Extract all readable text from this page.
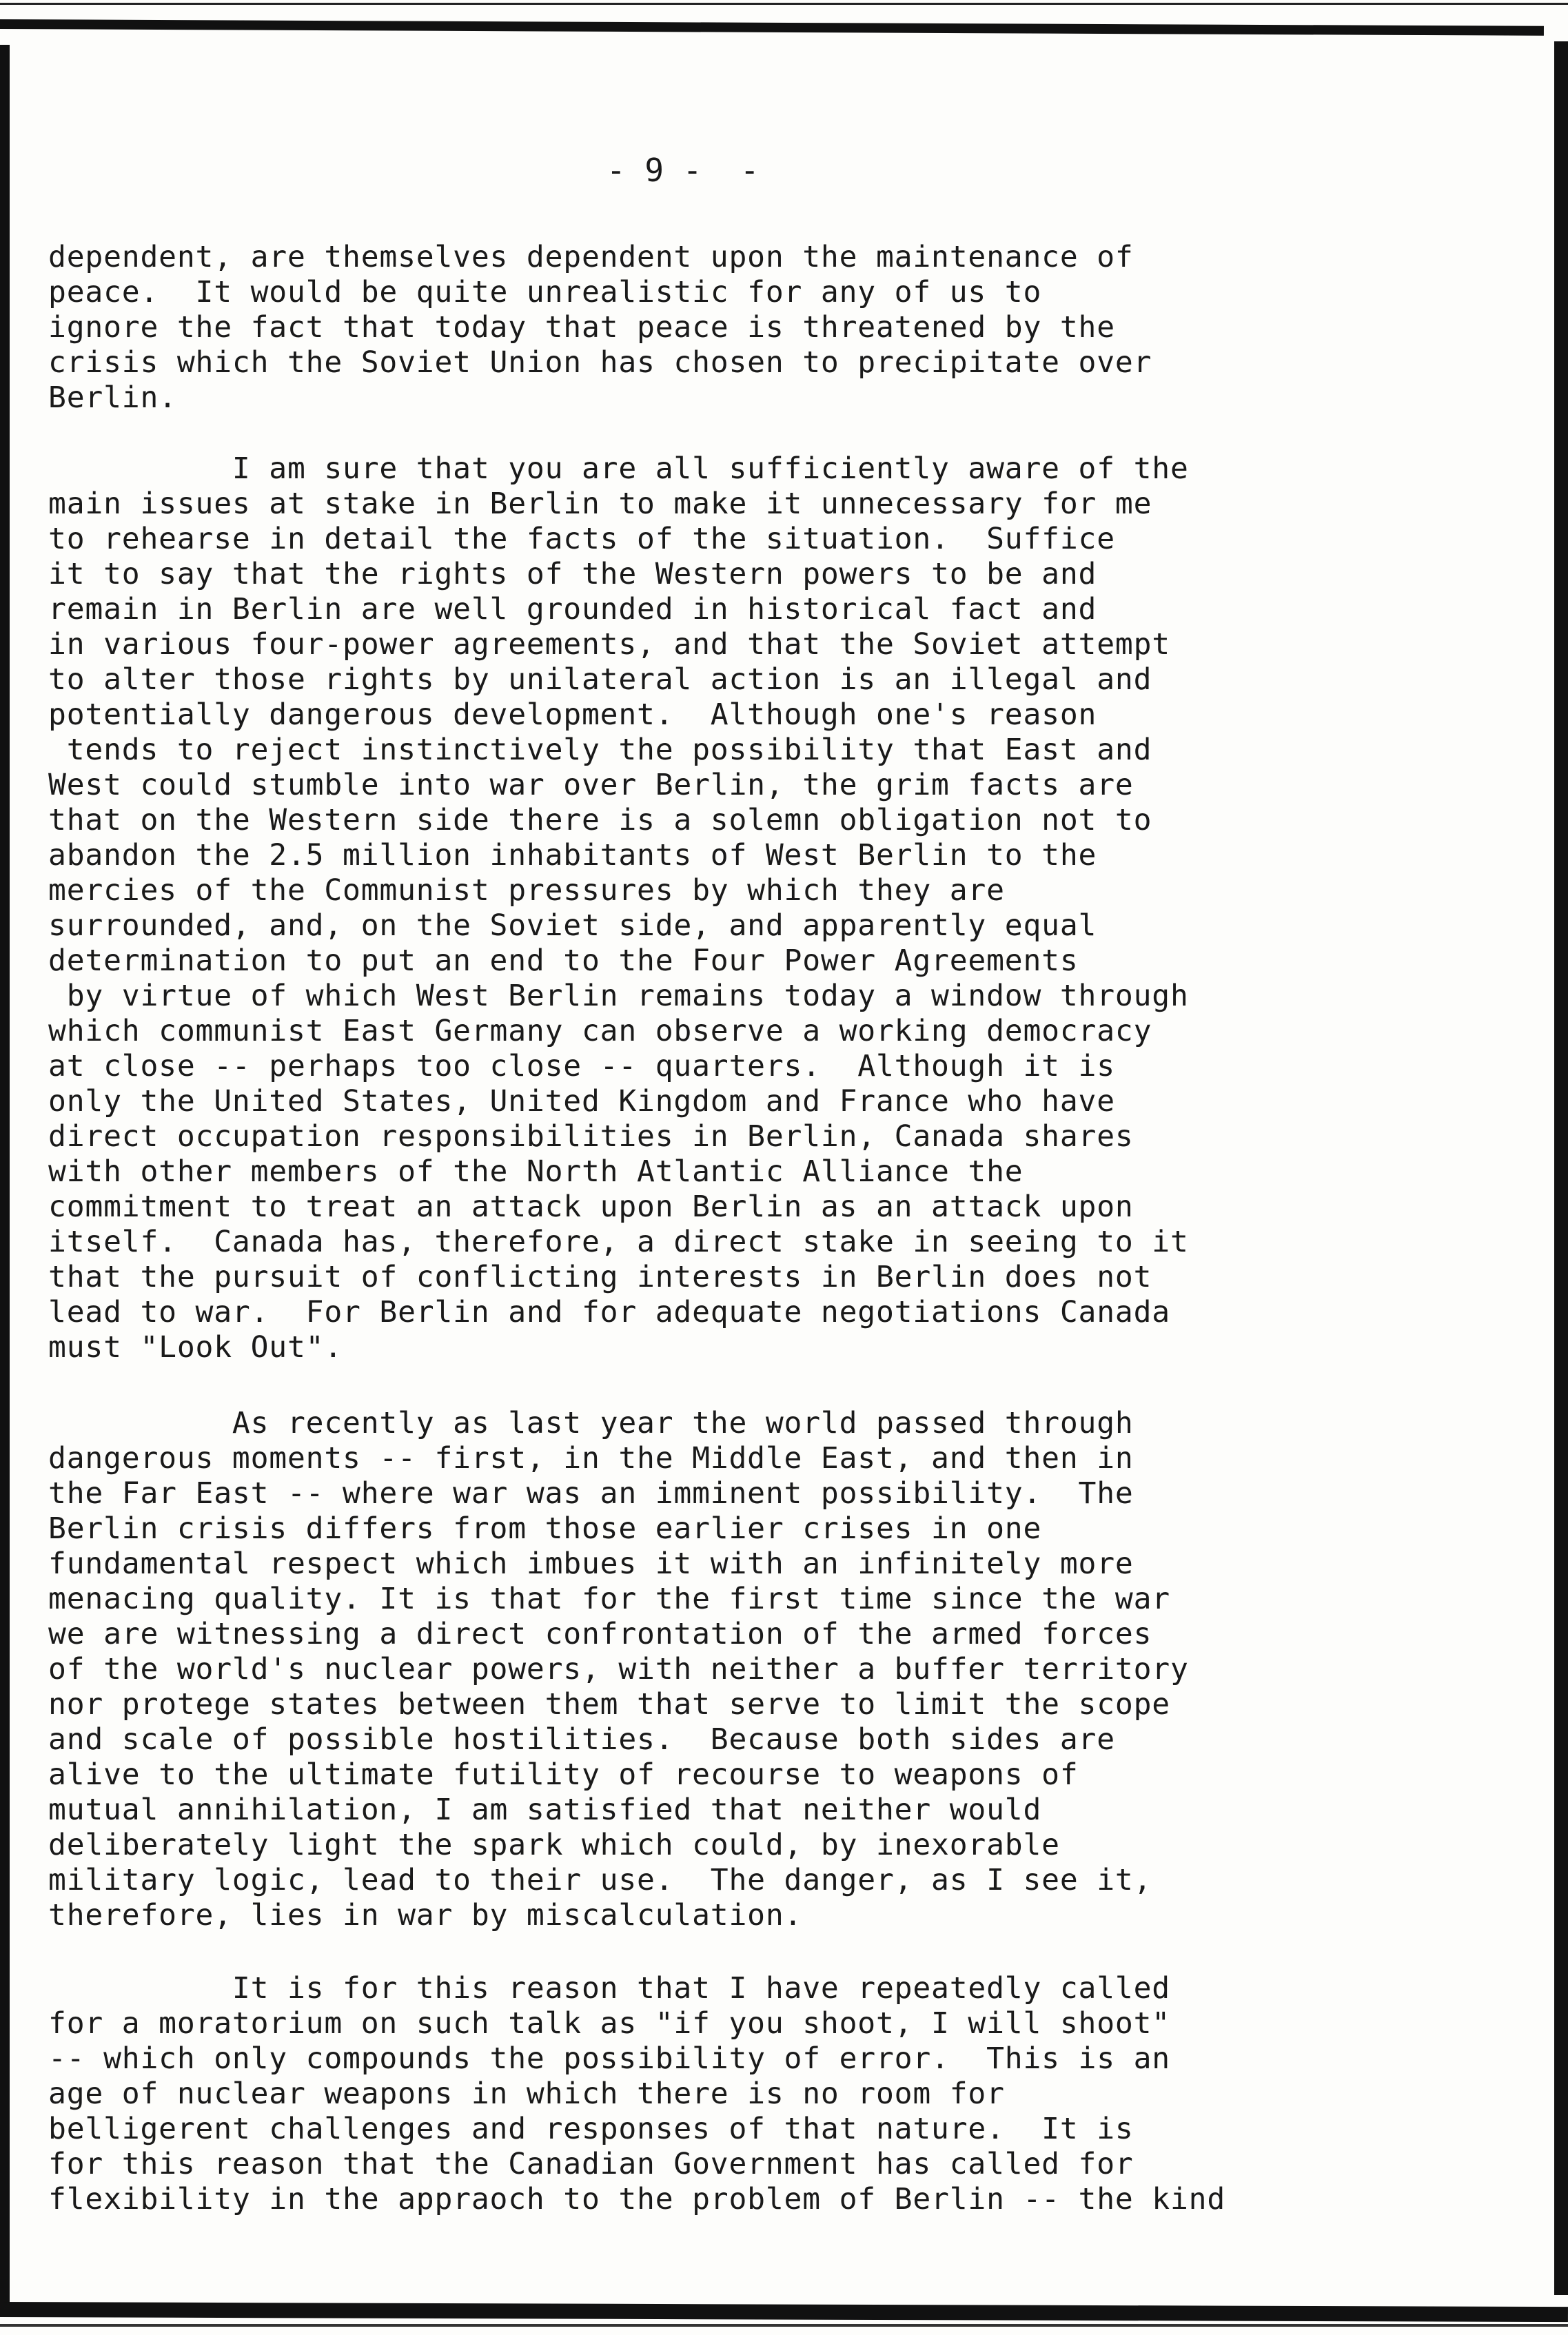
- 9 -  -
dependent, are themselves dependent upon the maintenance of
peace.  It would be quite unrealistic for any of us to
ignore the fact that today that peace is threatened by the
crisis which the Soviet Union has chosen to precipitate over
Berlin.
I am sure that you are all sufficiently aware of the
main issues at stake in Berlin to make it unnecessary for me
to rehearse in detail the facts of the situation.  Suffice
it to say that the rights of the Western powers to be and
remain in Berlin are well grounded in historical fact and
in various four-power agreements, and that the Soviet attempt
to alter those rights by unilateral action is an illegal and
potentially dangerous development.  Although one's reason
tends to reject instinctively the possibility that East and
West could stumble into war over Berlin, the grim facts are
that on the Western side there is a solemn obligation not to
abandon the 2.5 million inhabitants of West Berlin to the
mercies of the Communist pressures by which they are
surrounded, and, on the Soviet side, and apparently equal
determination to put an end to the Four Power Agreements
by virtue of which West Berlin remains today a window through
which communist East Germany can observe a working democracy
at close -- perhaps too close -- quarters.  Although it is
only the United States, United Kingdom and France who have
direct occupation responsibilities in Berlin, Canada shares
with other members of the North Atlantic Alliance the
commitment to treat an attack upon Berlin as an attack upon
itself.  Canada has, therefore, a direct stake in seeing to it
that the pursuit of conflicting interests in Berlin does not
lead to war.  For Berlin and for adequate negotiations Canada
must "Look Out".
As recently as last year the world passed through
dangerous moments -- first, in the Middle East, and then in
the Far East -- where war was an imminent possibility.  The
Berlin crisis differs from those earlier crises in one
fundamental respect which imbues it with an infinitely more
menacing quality. It is that for the first time since the war
we are witnessing a direct confrontation of the armed forces
of the world's nuclear powers, with neither a buffer territory
nor protege states between them that serve to limit the scope
and scale of possible hostilities.  Because both sides are
alive to the ultimate futility of recourse to weapons of
mutual annihilation, I am satisfied that neither would
deliberately light the spark which could, by inexorable
military logic, lead to their use.  The danger, as I see it,
therefore, lies in war by miscalculation.
It is for this reason that I have repeatedly called
for a moratorium on such talk as "if you shoot, I will shoot"
-- which only compounds the possibility of error.  This is an
age of nuclear weapons in which there is no room for
belligerent challenges and responses of that nature.  It is
for this reason that the Canadian Government has called for
flexibility in the appraoch to the problem of Berlin -- the kind
